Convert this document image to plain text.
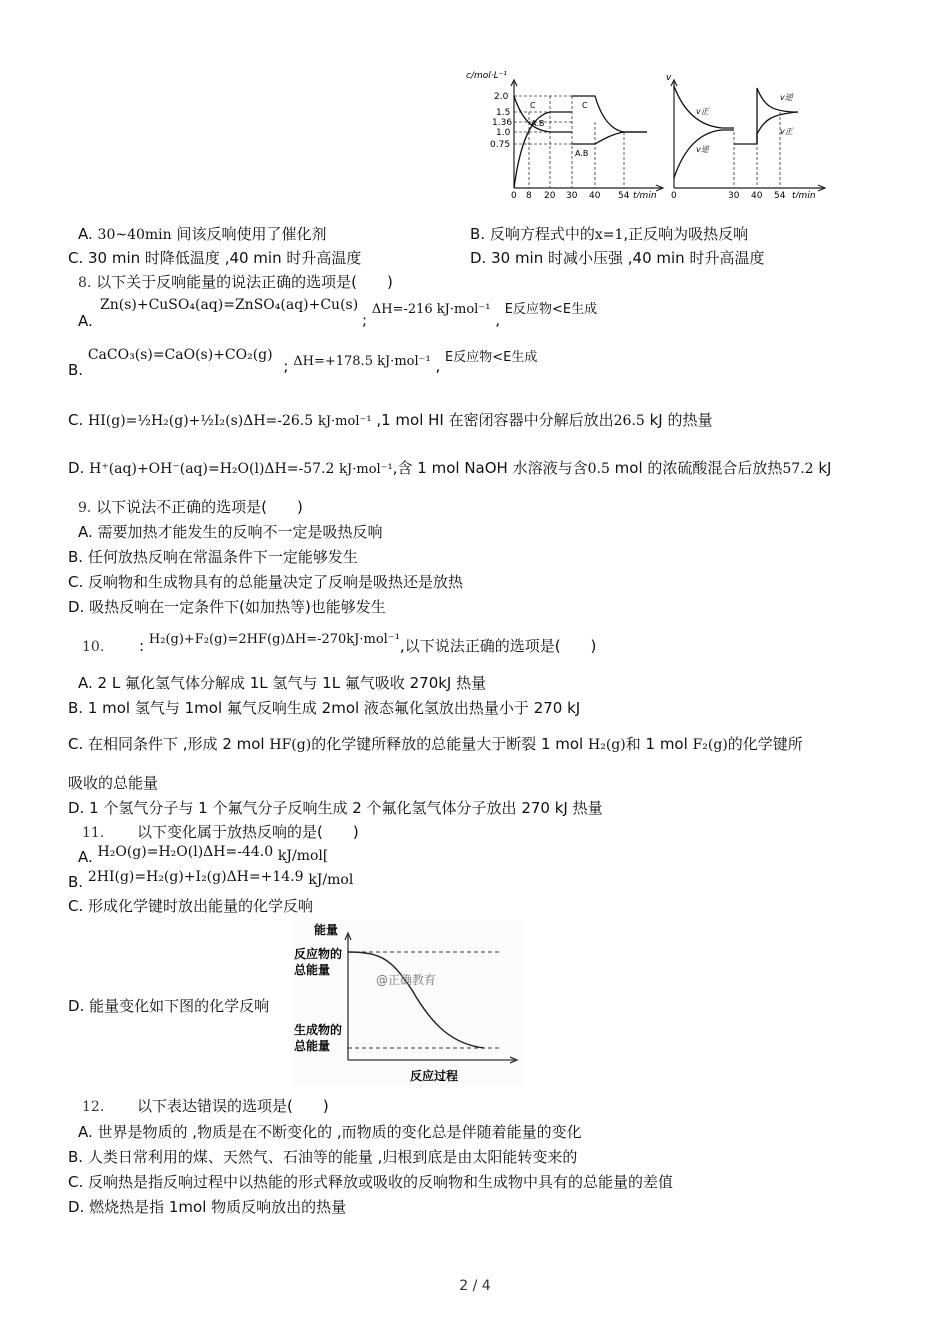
c/mol·L⁻¹
2.0
1.5
1.36
1.0
0.75
0 8 20 30 40 54 t/min
C
A.B
C
A.B
v
0	30 40 54 t/min
v正
v逆
v逆
v正
A. 30~40min 间该反响使用了催化剂	B. 反响方程式中的x=1,正反响为吸热反响
C. 30 min 时降低温度 ,40 min 时升高温度	D. 30 min 时减小压强 ,40 min 时升高温度
8. 以下关于反响能量的说法正确的选项是(　　)
Zn(s)+CuSO₄(aq)=ZnSO₄(aq)+Cu(s)
A.	; ΔH=-216 kJ·mol⁻¹ , E反应物<E生成
B. CaCO₃(s)=CaO(s)+CO₂(g) ; ΔH=+178.5 kJ·mol⁻¹ , E反应物<E生成
C. HI(g)=½H₂(g)+½I₂(s)ΔH=-26.5 kJ·mol⁻¹ ,1 mol HI 在密闭容器中分解后放出26.5 kJ 的热量
D. H⁺(aq)+OH⁻(aq)=H₂O(l)ΔH=-57.2 kJ·mol⁻¹,含 1 mol NaOH 水溶液与含0.5 mol 的浓硫酸混合后放热57.2 kJ
9. 以下说法不正确的选项是(　　)
A. 需要加热才能发生的反响不一定是吸热反响
B. 任何放热反响在常温条件下一定能够发生
C. 反响物和生成物具有的总能量决定了反响是吸热还是放热
D. 吸热反响在一定条件下(如加热等)也能够发生
10. : H₂(g)+F₂(g)=2HF(g)ΔH=-270kJ·mol⁻¹,以下说法正确的选项是(　　)
A. 2 L 氟化氢气体分解成 1L 氢气与 1L 氟气吸收 270kJ 热量
B. 1 mol 氢气与 1mol 氟气反响生成 2mol 液态氟化氢放出热量小于 270 kJ
C. 在相同条件下 ,形成 2 mol HF(g)的化学键所释放的总能量大于断裂 1 mol H₂(g)和 1 mol F₂(g)的化学键所
吸收的总能量
D. 1 个氢气分子与 1 个氟气分子反响生成 2 个氟化氢气体分子放出 270 kJ 热量
11. 以下变化属于放热反响的是(　　)
A. H₂O(g)=H₂O(l)ΔH=-44.0 kJ/mol[
B. 2HI(g)=H₂(g)+I₂(g)ΔH=+14.9 kJ/mol
C. 形成化学键时放出能量的化学反响
D. 能量变化如下图的化学反响
能量
反应物的
总能量
生成物的
总能量
@正确教育
反应过程
12. 以下表达错误的选项是(　　)
A. 世界是物质的 ,物质是在不断变化的 ,而物质的变化总是伴随着能量的变化
B. 人类日常利用的煤、天然气、石油等的能量 ,归根到底是由太阳能转变来的
C. 反响热是指反响过程中以热能的形式释放或吸收的反响物和生成物中具有的总能量的差值
D. 燃烧热是指 1mol 物质反响放出的热量
2 / 4
